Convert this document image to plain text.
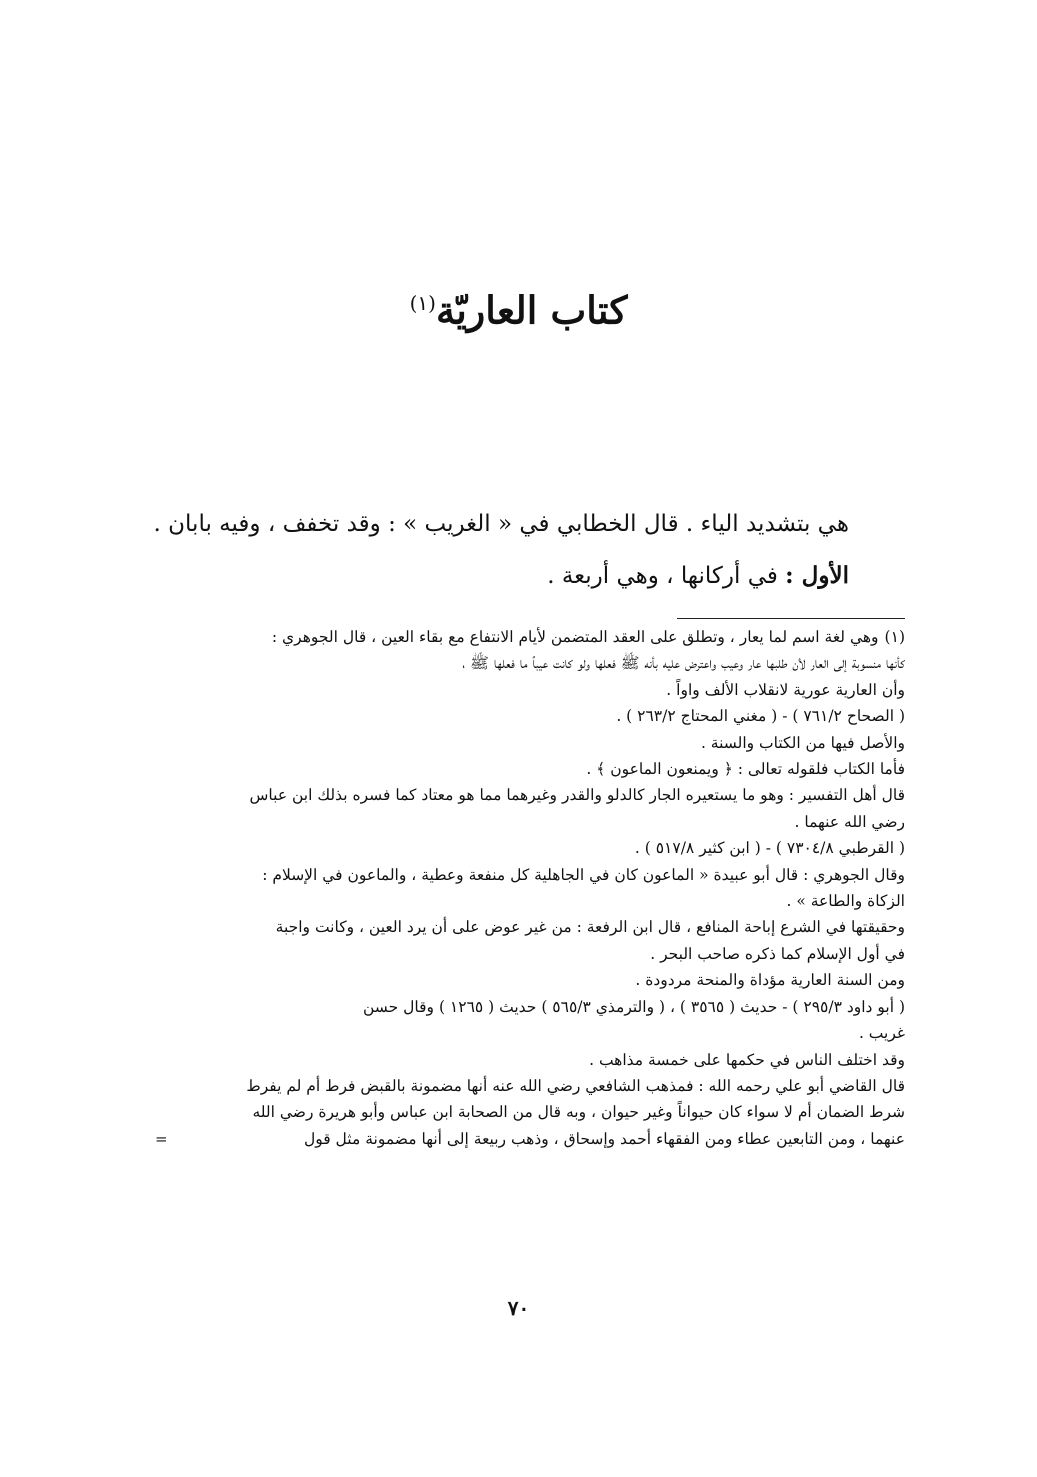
كتاب العاريّة$^{(١)}$

هي بتشديد الياء . قال الخطابي في « الغريب » : وقد تخفف ، وفيه بابان .

الأول : في أركانها ، وهي أربعة .

(١)وهي لغة اسم لما يعار ، وتطلق على العقد المتضمن لأيام الانتفاع مع بقاء العين ، قال الجوهري :

كأنها منسوبة إلى العار لأن طلبها عار وعيب واعترض عليه بأنه ﷺ فعلها ولو كانت عيباً ما فعلها ﷺ ،

وأن العارية عورية لانقلاب الألف واواً .

( الصحاح ٧٦١/٢ ) - ( مغني المحتاج ٢٦٣/٢ ) .

والأصل فيها من الكتاب والسنة .

فأما الكتاب فلقوله تعالى : ﴿ ويمنعون الماعون ﴾ .

قال أهل التفسير : وهو ما يستعيره الجار كالدلو والقدر وغيرهما مما هو معتاد كما فسره بذلك ابن عباس

رضي الله عنهما .

( القرطبي ٧٣٠٤/٨ ) - ( ابن كثير ٥١٧/٨ ) .

وقال الجوهري : قال أبو عبيدة « الماعون كان في الجاهلية كل منفعة وعطية ، والماعون في الإسلام :

الزكاة والطاعة » .

وحقيقتها في الشرع إباحة المنافع ، قال ابن الرفعة : من غير عوض على أن يرد العين ، وكانت واجبة

في أول الإسلام كما ذكره صاحب البحر .

ومن السنة العارية مؤداة والمنحة مردودة .

( أبو داود ٢٩٥/٣ ) - حديث ( ٣٥٦٥ ) ، ( والترمذي ٥٦٥/٣ ) حديث ( ١٢٦٥ ) وقال حسن

غريب .

وقد اختلف الناس في حكمها على خمسة مذاهب .

قال القاضي أبو علي رحمه الله : فمذهب الشافعي رضي الله عنه أنها مضمونة بالقبض فرط أم لم يفرط

شرط الضمان أم لا سواء كان حيواناً وغير حيوان ، وبه قال من الصحابة ابن عباس وأبو هريرة رضي الله

عنهما ، ومن التابعين عطاء ومن الفقهاء أحمد وإسحاق ، وذهب ربيعة إلى أنها مضمونة مثل قول
=

٧٠
